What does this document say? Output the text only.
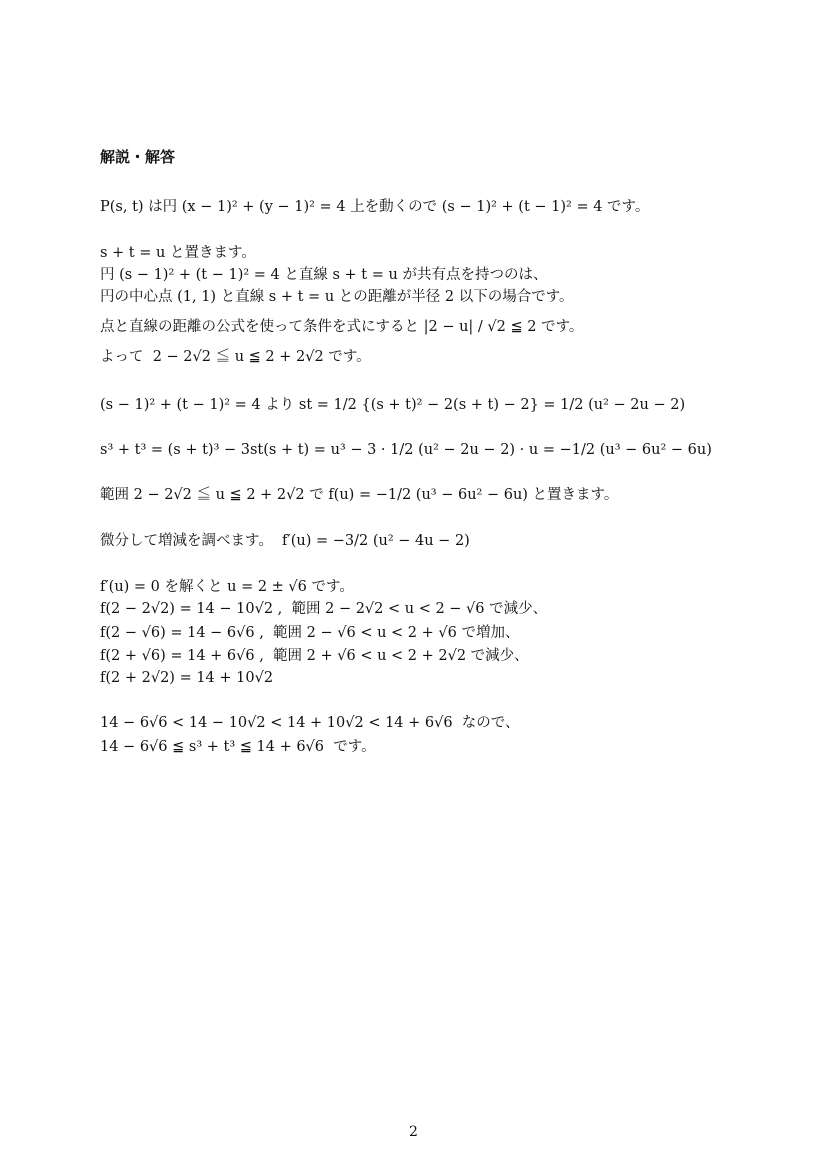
解説・解答
P(s, t) は円 (x − 1)² + (y − 1)² = 4 上を動くので (s − 1)² + (t − 1)² = 4 です。
s + t = u と置きます。
円 (s − 1)² + (t − 1)² = 4 と直線 s + t = u が共有点を持つのは、
円の中心点 (1, 1) と直線 s + t = u との距離が半径 2 以下の場合です。
点と直線の距離の公式を使って条件を式にすると |2 − u| / √2 ≦ 2 です。
よって  2 − 2√2 ≦ u ≦ 2 + 2√2 です。
(s − 1)² + (t − 1)² = 4 より st = 1/2 {(s + t)² − 2(s + t) − 2} = 1/2 (u² − 2u − 2)
s³ + t³ = (s + t)³ − 3st(s + t) = u³ − 3 · 1/2 (u² − 2u − 2) · u = −1/2 (u³ − 6u² − 6u)
範囲 2 − 2√2 ≦ u ≦ 2 + 2√2 で f(u) = −1/2 (u³ − 6u² − 6u) と置きます。
微分して増減を調べます。  f′(u) = −3/2 (u² − 4u − 2)
f′(u) = 0 を解くと u = 2 ± √6 です。
f(2 − 2√2) = 14 − 10√2 ,  範囲 2 − 2√2 < u < 2 − √6 で減少、
f(2 − √6) = 14 − 6√6 ,  範囲 2 − √6 < u < 2 + √6 で増加、
f(2 + √6) = 14 + 6√6 ,  範囲 2 + √6 < u < 2 + 2√2 で減少、
f(2 + 2√2) = 14 + 10√2
14 − 6√6 < 14 − 10√2 < 14 + 10√2 < 14 + 6√6  なので、
14 − 6√6 ≦ s³ + t³ ≦ 14 + 6√6  です。
2
